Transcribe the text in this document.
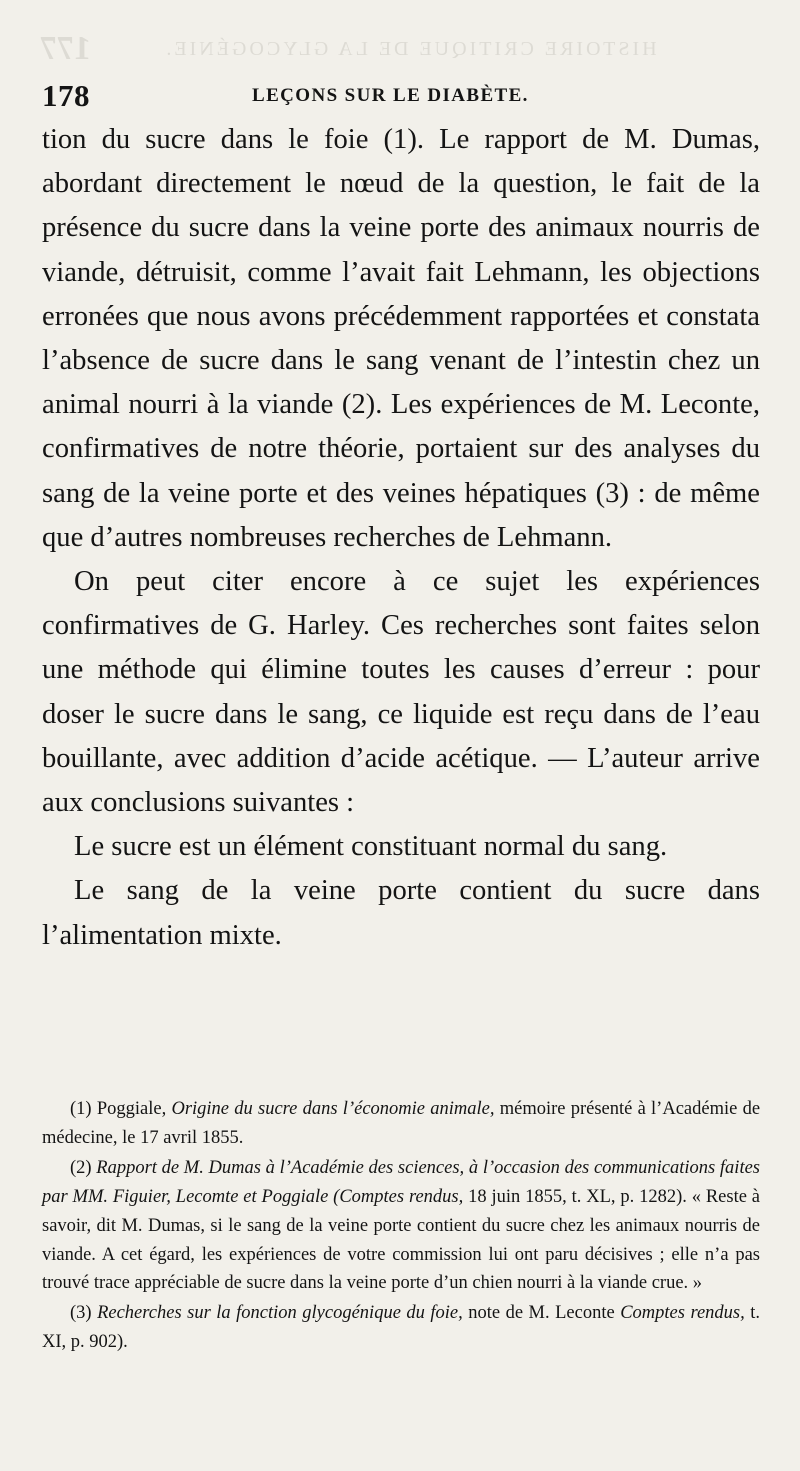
177	HISTOIRE CRITIQUE DE LA GLYCOGÉNIE.
178	LEÇONS SUR LE DIABÈTE.

tion du sucre dans le foie (1). Le rapport de M. Dumas, abordant directement le nœud de la question, le fait de la présence du sucre dans la veine porte des animaux nourris de viande, détruisit, comme l’avait fait Lehmann, les objections erronées que nous avons précédemment rapportées et constata l’absence de sucre dans le sang venant de l’intestin chez un animal nourri à la viande (2). Les expériences de M. Leconte, confirmatives de notre théorie, portaient sur des analyses du sang de la veine porte et des veines hépatiques (3) : de même que d’autres nombreuses recherches de Lehmann.

On peut citer encore à ce sujet les expériences confirmatives de G. Harley. Ces recherches sont faites selon une méthode qui élimine toutes les causes d’erreur : pour doser le sucre dans le sang, ce liquide est reçu dans de l’eau bouillante, avec addition d’acide acétique. — L’auteur arrive aux conclusions suivantes :

Le sucre est un élément constituant normal du sang.

Le sang de la veine porte contient du sucre dans l’alimentation mixte.

(1) Poggiale, Origine du sucre dans l’économie animale, mémoire présenté à l’Académie de médecine, le 17 avril 1855.

(2) Rapport de M. Dumas à l’Académie des sciences, à l’occasion des communications faites par MM. Figuier, Lecomte et Poggiale (Comptes rendus, 18 juin 1855, t. XL, p. 1282). « Reste à savoir, dit M. Dumas, si le sang de la veine porte contient du sucre chez les animaux nourris de viande. A cet égard, les expériences de votre commission lui ont paru décisives ; elle n’a pas trouvé trace appréciable de sucre dans la veine porte d’un chien nourri à la viande crue. »

(3) Recherches sur la fonction glycogénique du foie, note de M. Leconte Comptes rendus, t. XI, p. 902).
